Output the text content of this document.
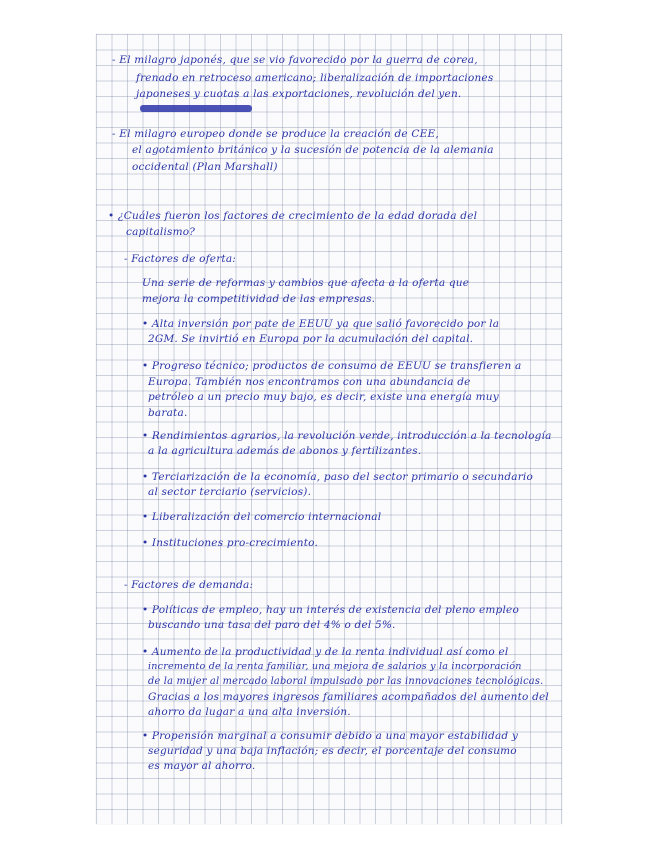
- El milagro japonés, que se vio favorecido por la guerra de corea,

frenado en retroceso americano; liberalización de importaciones

japoneses y cuotas a las exportaciones, revolución del yen.

- El milagro europeo donde se produce la creación de CEE,

el agotamiento británico y la sucesión de potencia de la alemania

occidental (Plan Marshall)

• ¿Cuáles fueron los factores de crecimiento de la edad dorada del

capitalismo?

- Factores de oferta:

Una serie de reformas y cambios que afecta a la oferta que

mejora la competitividad de las empresas.

• Alta inversión por pate de EEUU ya que salió favorecido por la

2GM. Se invirtió en Europa por la acumulación del capital.

• Progreso técnico; productos de consumo de EEUU se transfieren a

Europa. También nos encontramos con una abundancia de

petróleo a un precio muy bajo, es decir, existe una energía muy

barata.

• Rendimientos agrarios, la revolución verde, introducción a la tecnología

a la agricultura además de abonos y fertilizantes.

• Terciarización de la economía, paso del sector primario o secundario

al sector terciario (servicios).

• Liberalización del comercio internacional

• Instituciones pro-crecimiento.

- Factores de demanda:

• Políticas de empleo, hay un interés de existencia del pleno empleo

buscando una tasa del paro del 4% o del 5%.

• Aumento de la productividad y de la renta individual así como el

incremento de la renta familiar, una mejora de salarios y la incorporación

de la mujer al mercado laboral impulsado por las innovaciones tecnológicas.

Gracias a los mayores ingresos familiares acompañados del aumento del

ahorro da lugar a una alta inversión.

• Propensión marginal a consumir debido a una mayor estabilidad y

seguridad y una baja inflación; es decir, el porcentaje del consumo

es mayor al ahorro.
